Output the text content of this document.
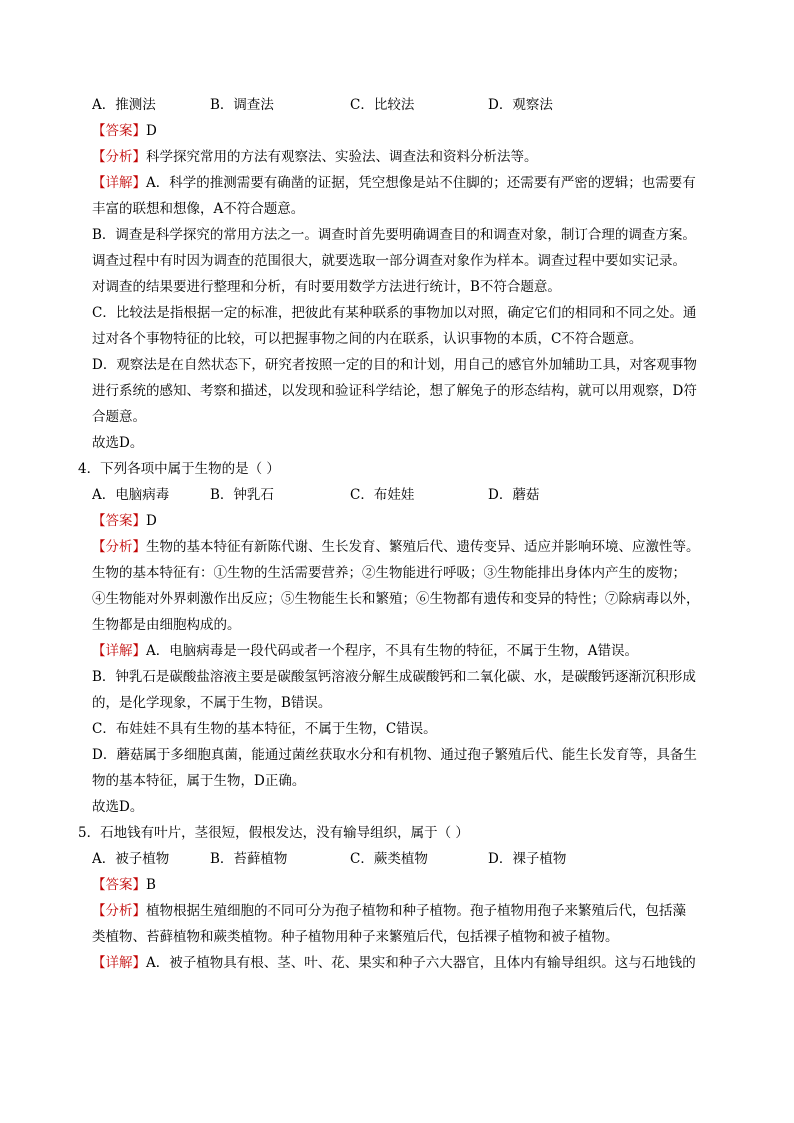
A．推测法	B．调查法	C．比较法	D．观察法
【答案】D
【分析】科学探究常用的方法有观察法、实验法、调查法和资料分析法等。
【详解】A．科学的推测需要有确凿的证据，凭空想像是站不住脚的；还需要有严密的逻辑；也需要有
丰富的联想和想像，A不符合题意。
B．调查是科学探究的常用方法之一。调查时首先要明确调查目的和调查对象，制订合理的调查方案。
调查过程中有时因为调查的范围很大，就要选取一部分调查对象作为样本。调查过程中要如实记录。
对调查的结果要进行整理和分析，有时要用数学方法进行统计，B不符合题意。
C．比较法是指根据一定的标准，把彼此有某种联系的事物加以对照，确定它们的相同和不同之处。通
过对各个事物特征的比较，可以把握事物之间的内在联系，认识事物的本质，C不符合题意。
D．观察法是在自然状态下，研究者按照一定的目的和计划，用自己的感官外加辅助工具，对客观事物
进行系统的感知、考察和描述，以发现和验证科学结论，想了解兔子的形态结构，就可以用观察，D符
合题意。
故选D。
4．下列各项中属于生物的是（ ）
A．电脑病毒	B．钟乳石	C．布娃娃	D．蘑菇
【答案】D
【分析】生物的基本特征有新陈代谢、生长发育、繁殖后代、遗传变异、适应并影响环境、应激性等。
生物的基本特征有：①生物的生活需要营养；②生物能进行呼吸；③生物能排出身体内产生的废物；
④生物能对外界刺激作出反应；⑤生物能生长和繁殖；⑥生物都有遗传和变异的特性；⑦除病毒以外，
生物都是由细胞构成的。
【详解】A．电脑病毒是一段代码或者一个程序，不具有生物的特征，不属于生物，A错误。
B．钟乳石是碳酸盐溶液主要是碳酸氢钙溶液分解生成碳酸钙和二氧化碳、水，是碳酸钙逐渐沉积形成
的，是化学现象，不属于生物，B错误。
C．布娃娃不具有生物的基本特征，不属于生物，C错误。
D．蘑菇属于多细胞真菌，能通过菌丝获取水分和有机物、通过孢子繁殖后代、能生长发育等，具备生
物的基本特征，属于生物，D正确。
故选D。
5．石地钱有叶片，茎很短，假根发达，没有输导组织，属于（ ）
A．被子植物	B．苔藓植物	C．蕨类植物	D．裸子植物
【答案】B
【分析】植物根据生殖细胞的不同可分为孢子植物和种子植物。孢子植物用孢子来繁殖后代，包括藻
类植物、苔藓植物和蕨类植物。种子植物用种子来繁殖后代，包括裸子植物和被子植物。
【详解】A．被子植物具有根、茎、叶、花、果实和种子六大器官，且体内有输导组织。这与石地钱的
